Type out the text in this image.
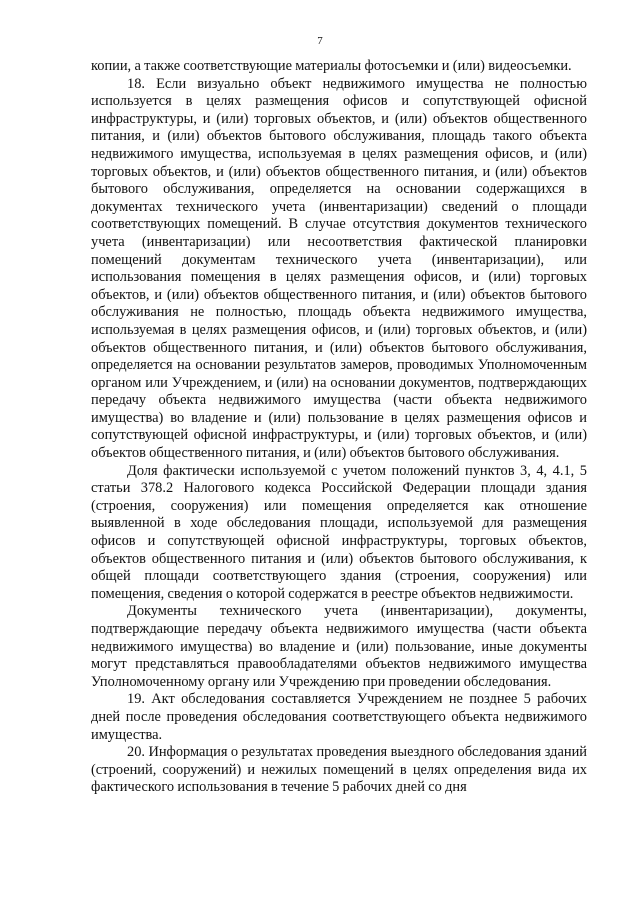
7

копии, а также соответствующие материалы фотосъемки и (или) видеосъемки.

18. Если визуально объект недвижимого имущества не полностью используется в целях размещения офисов и сопутствующей офисной инфраструктуры, и (или) торговых объектов, и (или) объектов общественного питания, и (или) объектов бытового обслуживания, площадь такого объекта недвижимого имущества, используемая в целях размещения офисов, и (или) торговых объектов, и (или) объектов общественного питания, и (или) объектов бытового обслуживания, определяется на основании содержащихся в документах технического учета (инвентаризации) сведений о площади соответствующих помещений. В случае отсутствия документов технического учета (инвентаризации) или несоответствия фактической планировки помещений документам технического учета (инвентаризации), или использования помещения в целях размещения офисов, и (или) торговых объектов, и (или) объектов общественного питания, и (или) объектов бытового обслуживания не полностью, площадь объекта недвижимого имущества, используемая в целях размещения офисов, и (или) торговых объектов, и (или) объектов общественного питания, и (или) объектов бытового обслуживания, определяется на основании результатов замеров, проводимых Уполномоченным органом или Учреждением, и (или) на основании документов, подтверждающих передачу объекта недвижимого имущества (части объекта недвижимого имущества) во владение и (или) пользование в целях размещения офисов и сопутствующей офисной инфраструктуры, и (или) торговых объектов, и (или) объектов общественного питания, и (или) объектов бытового обслуживания.

Доля фактически используемой с учетом положений пунктов 3, 4, 4.1, 5 статьи 378.2 Налогового кодекса Российской Федерации площади здания (строения, сооружения) или помещения определяется как отношение выявленной в ходе обследования площади, используемой для размещения офисов и сопутствующей офисной инфраструктуры, торговых объектов, объектов общественного питания и (или) объектов бытового обслуживания, к общей площади соответствующего здания (строения, сооружения) или помещения, сведения о которой содержатся в реестре объектов недвижимости.

Документы технического учета (инвентаризации), документы, подтверждающие передачу объекта недвижимого имущества (части объекта недвижимого имущества) во владение и (или) пользование, иные документы могут представляться правообладателями объектов недвижимого имущества Уполномоченному органу или Учреждению при проведении обследования.

19. Акт обследования составляется Учреждением не позднее 5 рабочих дней после проведения обследования соответствующего объекта недвижимого имущества.

20. Информация о результатах проведения выездного обследования зданий (строений, сооружений) и нежилых помещений в целях определения вида их фактического использования в течение 5 рабочих дней со дня
